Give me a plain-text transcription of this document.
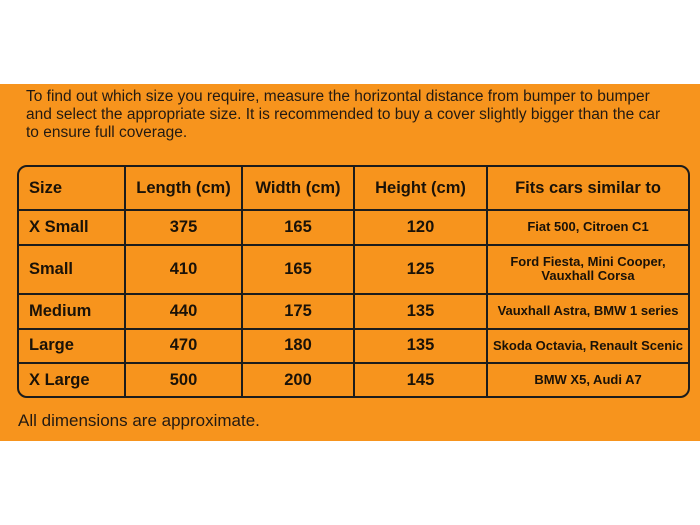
To find out which size you require, measure the horizontal distance from bumper to bumper and select the appropriate size. It is recommended to buy a cover slightly bigger than the car to ensure full coverage.

Size	Length (cm)	Width (cm)	Height (cm)	Fits cars similar to
X Small	375	165	120	Fiat 500, Citroen C1
Small	410	165	125	Ford Fiesta, Mini Cooper, Vauxhall Corsa
Medium	440	175	135	Vauxhall Astra, BMW 1 series
Large	470	180	135	Skoda Octavia, Renault Scenic
X Large	500	200	145	BMW X5, Audi A7

All dimensions are approximate.
